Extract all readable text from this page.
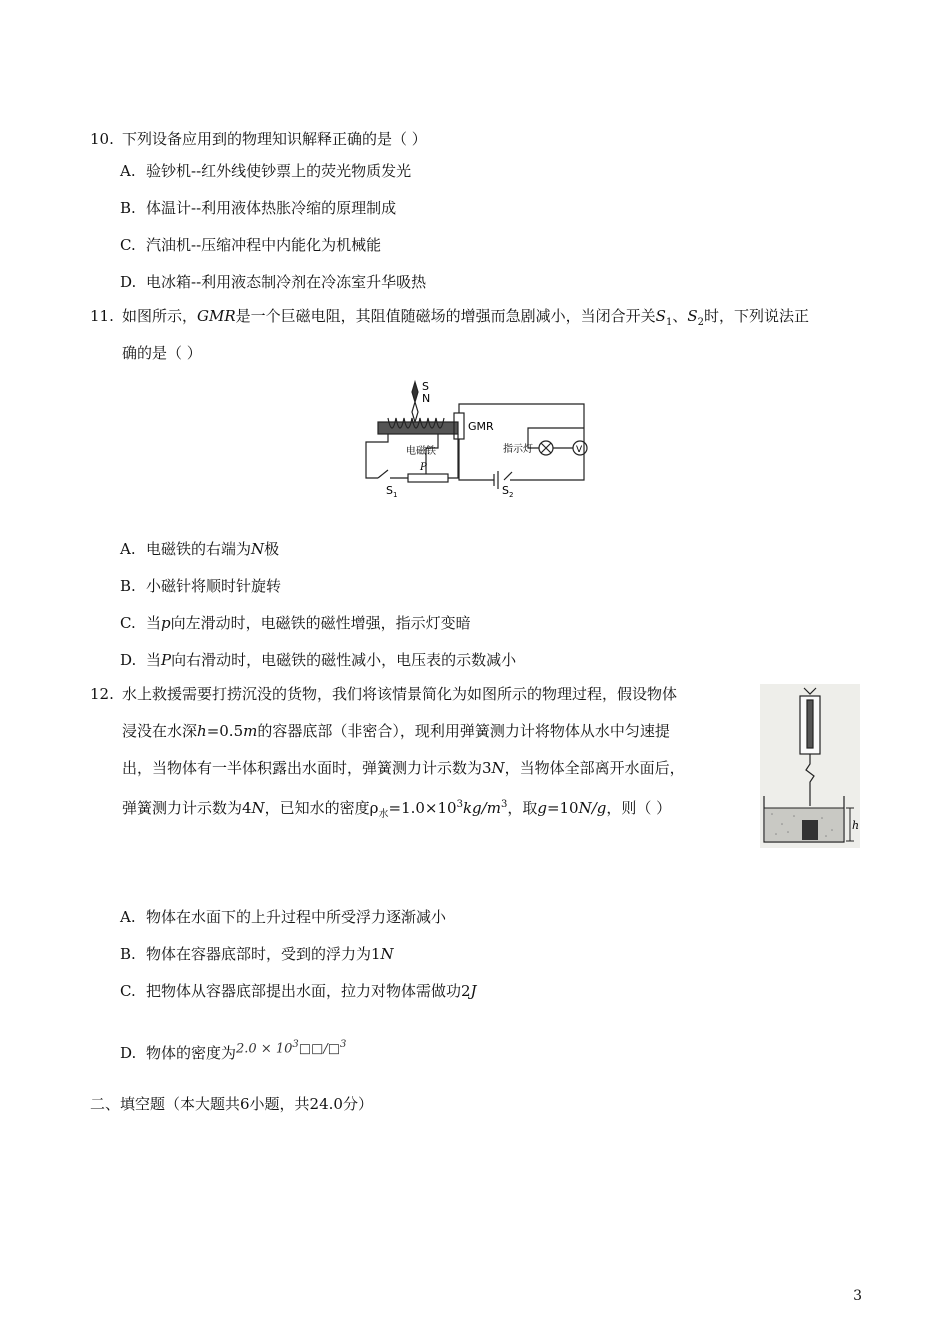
10. 下列设备应用到的物理知识解释正确的是（ ）
A. 验钞机--红外线使钞票上的荧光物质发光
B. 体温计--利用液体热胀冷缩的原理制成
C. 汽油机--压缩冲程中内能化为机械能
D. 电冰箱--利用液态制冷剂在冷冻室升华吸热
11. 如图所示，GMR是一个巨磁电阻，其阻值随磁场的增强而急剧减小，当闭合开关$S_1$、$S_2$时，下列说法正
确的是（ ）
S
N
电磁铁
P
S 1
GMR
指示灯
S 2
V
A. 电磁铁的右端为N极
B. 小磁针将顺时针旋转
C. 当p向左滑动时，电磁铁的磁性增强，指示灯变暗
D. 当P向右滑动时，电磁铁的磁性减小，电压表的示数减小
12. 水上救援需要打捞沉没的货物，我们将该情景简化为如图所示的物理过程，假设物体
浸没在水深h=0.5m的容器底部（非密合），现利用弹簧测力计将物体从水中匀速提
出，当物体有一半体积露出水面时，弹簧测力计示数为3N，当物体全部离开水面后，
弹簧测力计示数为4N，已知水的密度$\rho_水=1.0\times 10^3kg/m^3$，取g=10N/g，则（ ）
h
A. 物体在水面下的上升过程中所受浮力逐渐减小
B. 物体在容器底部时，受到的浮力为1N
C. 把物体从容器底部提出水面，拉力对物体需做功2J
D. 物体的密度为$2.0 \times 10^3□□/□^3$
二、填空题（本大题共6小题，共24.0分）
3
